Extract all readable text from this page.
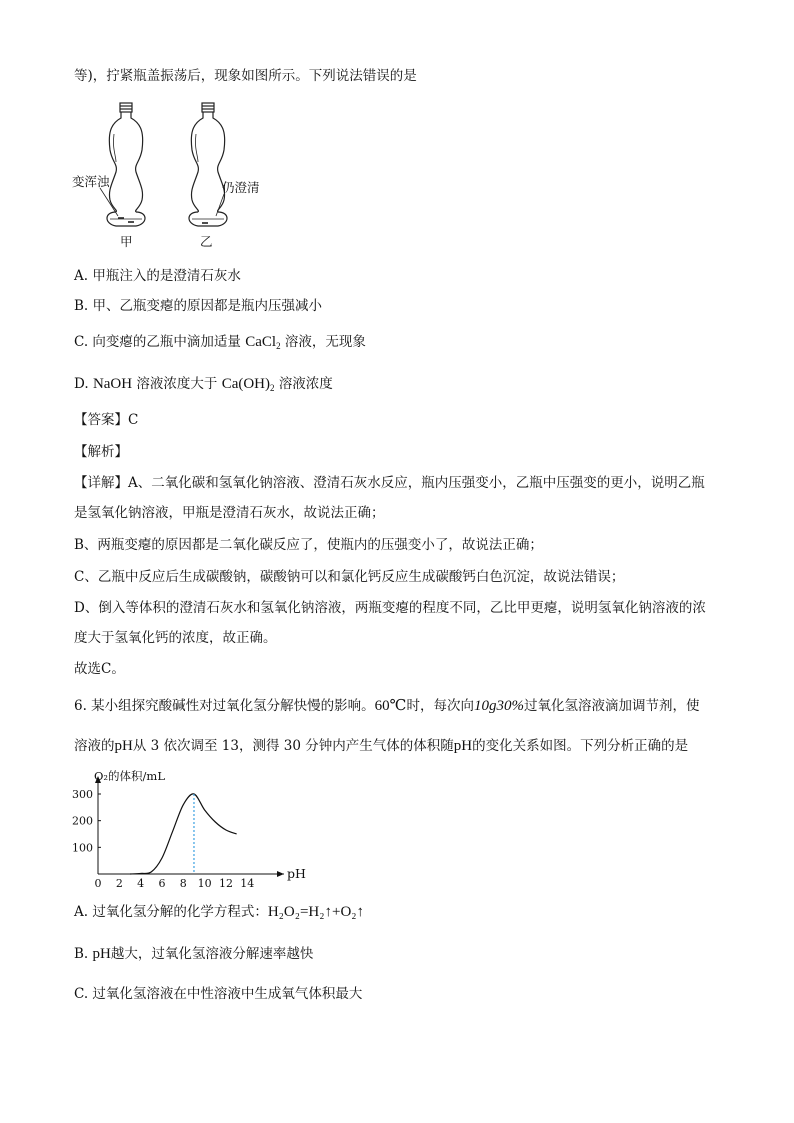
等)，拧紧瓶盖振荡后，现象如图所示。下列说法错误的是
变浑浊	仍澄清
甲	乙
A. 甲瓶注入的是澄清石灰水
B. 甲、乙瓶变瘪的原因都是瓶内压强减小
C. 向变瘪的乙瓶中滴加适量 CaCl$_2$ 溶液，无现象
D. NaOH 溶液浓度大于 $Ca(OH)_2$ 溶液浓度
【答案】C
【解析】
【详解】A、二氧化碳和氢氧化钠溶液、澄清石灰水反应，瓶内压强变小，乙瓶中压强变的更小，说明乙瓶
是氢氧化钠溶液，甲瓶是澄清石灰水，故说法正确；
B、两瓶变瘪的原因都是二氧化碳反应了，使瓶内的压强变小了，故说法正确；
C、乙瓶中反应后生成碳酸钠，碳酸钠可以和氯化钙反应生成碳酸钙白色沉淀，故说法错误；
D、倒入等体积的澄清石灰水和氢氧化钠溶液，两瓶变瘪的程度不同，乙比甲更瘪，说明氢氧化钠溶液的浓
度大于氢氧化钙的浓度，故正确。
故选C。
6. 某小组探究酸碱性对过氧化氢分解快慢的影响。60℃时，每次向10g30%过氧化氢溶液滴加调节剂，使
溶液的pH从 3 依次调至 13，测得 30 分钟内产生气体的体积随pH的变化关系如图。下列分析正确的是
0 2 4 6 8 10 12 14
100
200
300
O₂的体积/mL
pH
A. 过氧化氢分解的化学方程式：H₂O₂=H₂↑+O₂↑
B. pH越大，过氧化氢溶液分解速率越快
C. 过氧化氢溶液在中性溶液中生成氧气体积最大
